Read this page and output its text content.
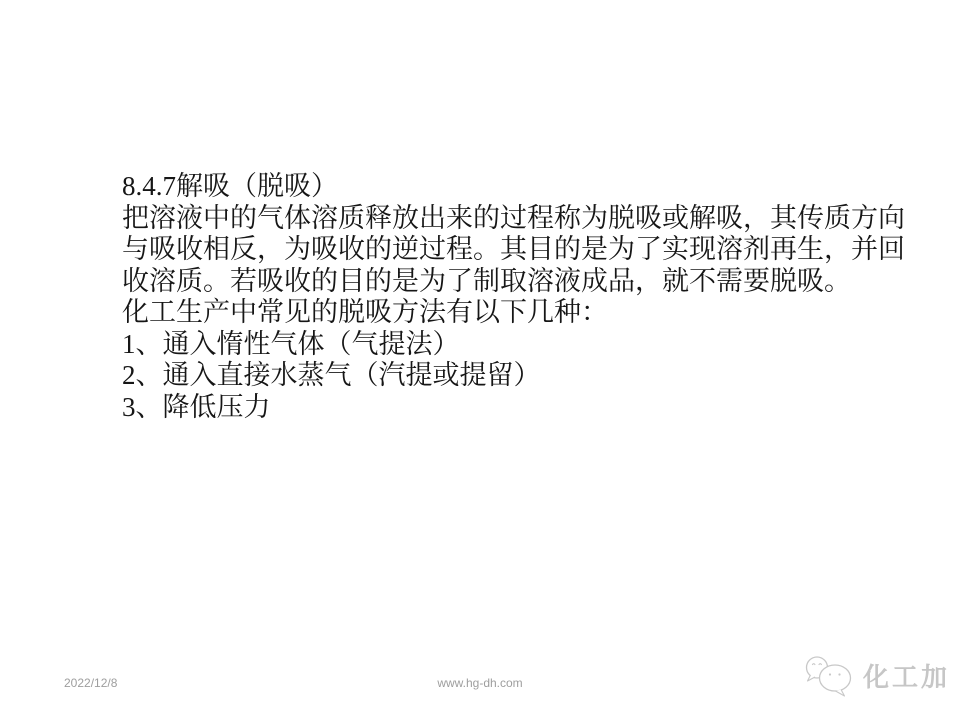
8.4.7解吸（脱吸）
把溶液中的气体溶质释放出来的过程称为脱吸或解吸，其传质方向
与吸收相反，为吸收的逆过程。其目的是为了实现溶剂再生，并回
收溶质。若吸收的目的是为了制取溶液成品，就不需要脱吸。
化工生产中常见的脱吸方法有以下几种：
1、通入惰性气体（气提法）
2、通入直接水蒸气（汽提或提留）
3、降低压力
2022/12/8	www.hg-dh.com	化工加
